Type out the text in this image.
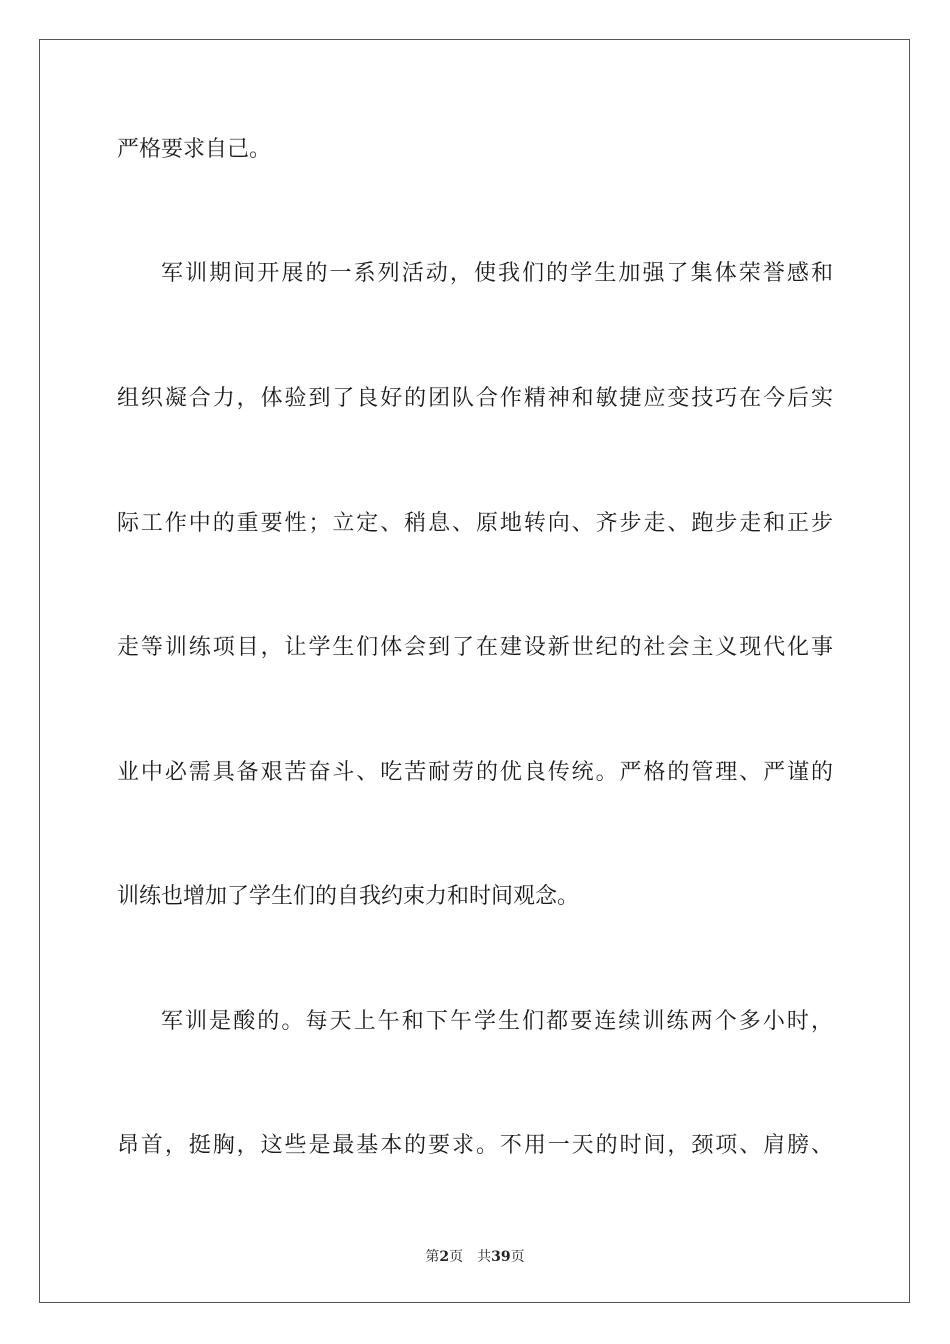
严格要求自己。
军训期间开展的一系列活动，使我们的学生加强了集体荣誉感和
组织凝合力，体验到了良好的团队合作精神和敏捷应变技巧在今后实
际工作中的重要性；立定、稍息、原地转向、齐步走、跑步走和正步
走等训练项目，让学生们体会到了在建设新世纪的社会主义现代化事
业中必需具备艰苦奋斗、吃苦耐劳的优良传统。严格的管理、严谨的
训练也增加了学生们的自我约束力和时间观念。
军训是酸的。每天上午和下午学生们都要连续训练两个多小时，
昂首，挺胸，这些是最基本的要求。不用一天的时间，颈项、肩膀、
第2页 共39页
